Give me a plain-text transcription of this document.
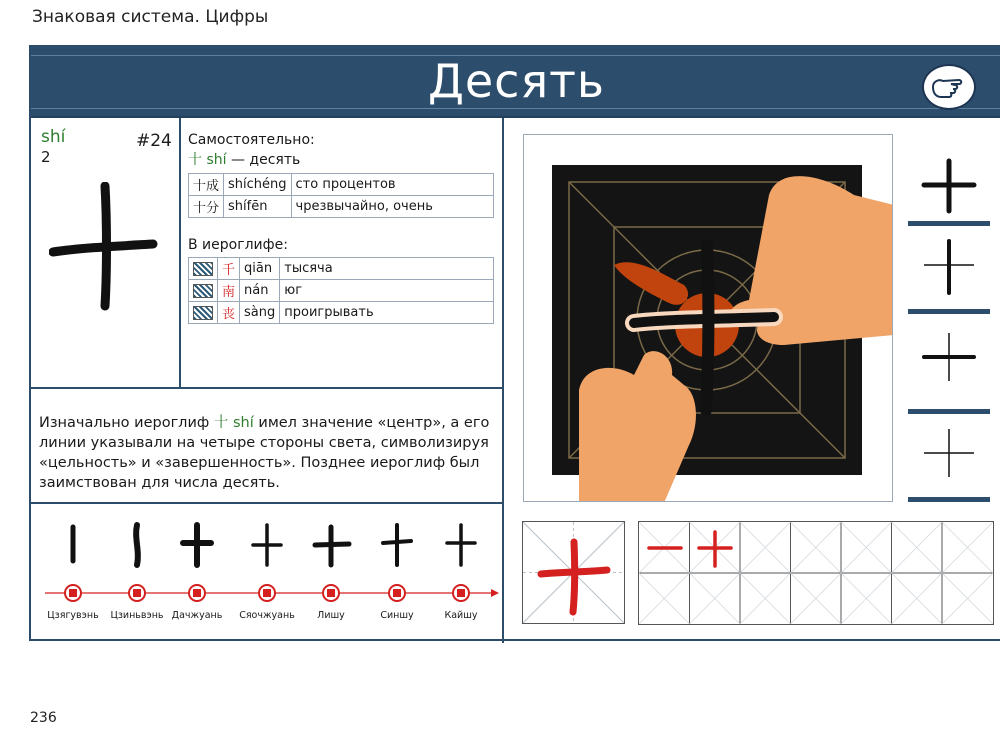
Знаковая система. Цифры
Десять
shí
2
#24 Самостоятельно:
十 shí — десять
十成	shíchéng	сто процентов
十分	shífēn	чрезвычайно, очень
В иероглифе:
	千	qiān	тысяча
	南	nán	юг
	丧	sàng	проигрывать
Изначально иероглиф 十 shí имел значение «центр», а его линии указывали на четыре стороны света, символизируя «цельность» и «завершенность». Позднее иероглиф был заимствован для числа десять.
Цзягувэнь	Цзиньвэнь Дачжуань	Сяочжуань	Лишу	Синшу	Кайшу
236
